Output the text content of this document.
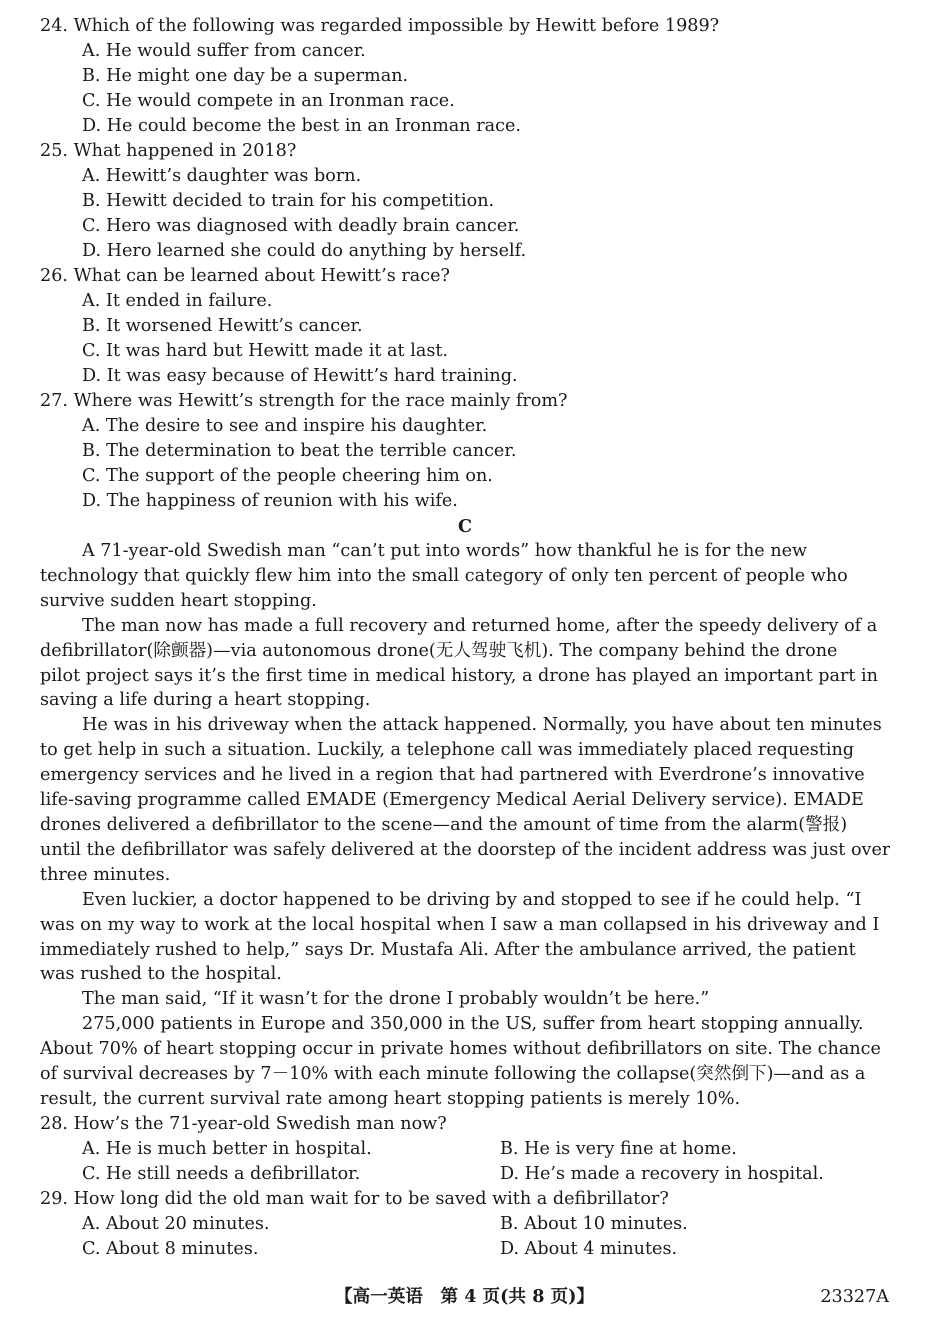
24. Which of the following was regarded impossible by Hewitt before 1989?
A. He would suffer from cancer.
B. He might one day be a superman.
C. He would compete in an Ironman race.
D. He could become the best in an Ironman race.
25. What happened in 2018?
A. Hewitt’s daughter was born.
B. Hewitt decided to train for his competition.
C. Hero was diagnosed with deadly brain cancer.
D. Hero learned she could do anything by herself.
26. What can be learned about Hewitt’s race?
A. It ended in failure.
B. It worsened Hewitt’s cancer.
C. It was hard but Hewitt made it at last.
D. It was easy because of Hewitt’s hard training.
27. Where was Hewitt’s strength for the race mainly from?
A. The desire to see and inspire his daughter.
B. The determination to beat the terrible cancer.
C. The support of the people cheering him on.
D. The happiness of reunion with his wife.
C
A 71-year-old Swedish man “can’t put into words” how thankful he is for the new
technology that quickly flew him into the small category of only ten percent of people who
survive sudden heart stopping.
The man now has made a full recovery and returned home, after the speedy delivery of a
defibrillator(除颤器)—via autonomous drone(无人驾驶飞机). The company behind the drone
pilot project says it’s the first time in medical history, a drone has played an important part in
saving a life during a heart stopping.
He was in his driveway when the attack happened. Normally, you have about ten minutes
to get help in such a situation. Luckily, a telephone call was immediately placed requesting
emergency services and he lived in a region that had partnered with Everdrone’s innovative
life-saving programme called EMADE (Emergency Medical Aerial Delivery service). EMADE
drones delivered a defibrillator to the scene—and the amount of time from the alarm(警报)
until the defibrillator was safely delivered at the doorstep of the incident address was just over
three minutes.
Even luckier, a doctor happened to be driving by and stopped to see if he could help. “I
was on my way to work at the local hospital when I saw a man collapsed in his driveway and I
immediately rushed to help,” says Dr. Mustafa Ali. After the ambulance arrived, the patient
was rushed to the hospital.
The man said, “If it wasn’t for the drone I probably wouldn’t be here.”
275,000 patients in Europe and 350,000 in the US, suffer from heart stopping annually.
About 70% of heart stopping occur in private homes without defibrillators on site. The chance
of survival decreases by 7－10% with each minute following the collapse(突然倒下)—and as a
result, the current survival rate among heart stopping patients is merely 10%.
28. How’s the 71-year-old Swedish man now?
A. He is much better in hospital.	B. He is very fine at home.
C. He still needs a defibrillator.	D. He’s made a recovery in hospital.
29. How long did the old man wait for to be saved with a defibrillator?
A. About 20 minutes.	B. About 10 minutes.
C. About 8 minutes.	D. About 4 minutes.
【高一英语　第 4 页(共 8 页)】	23327A
